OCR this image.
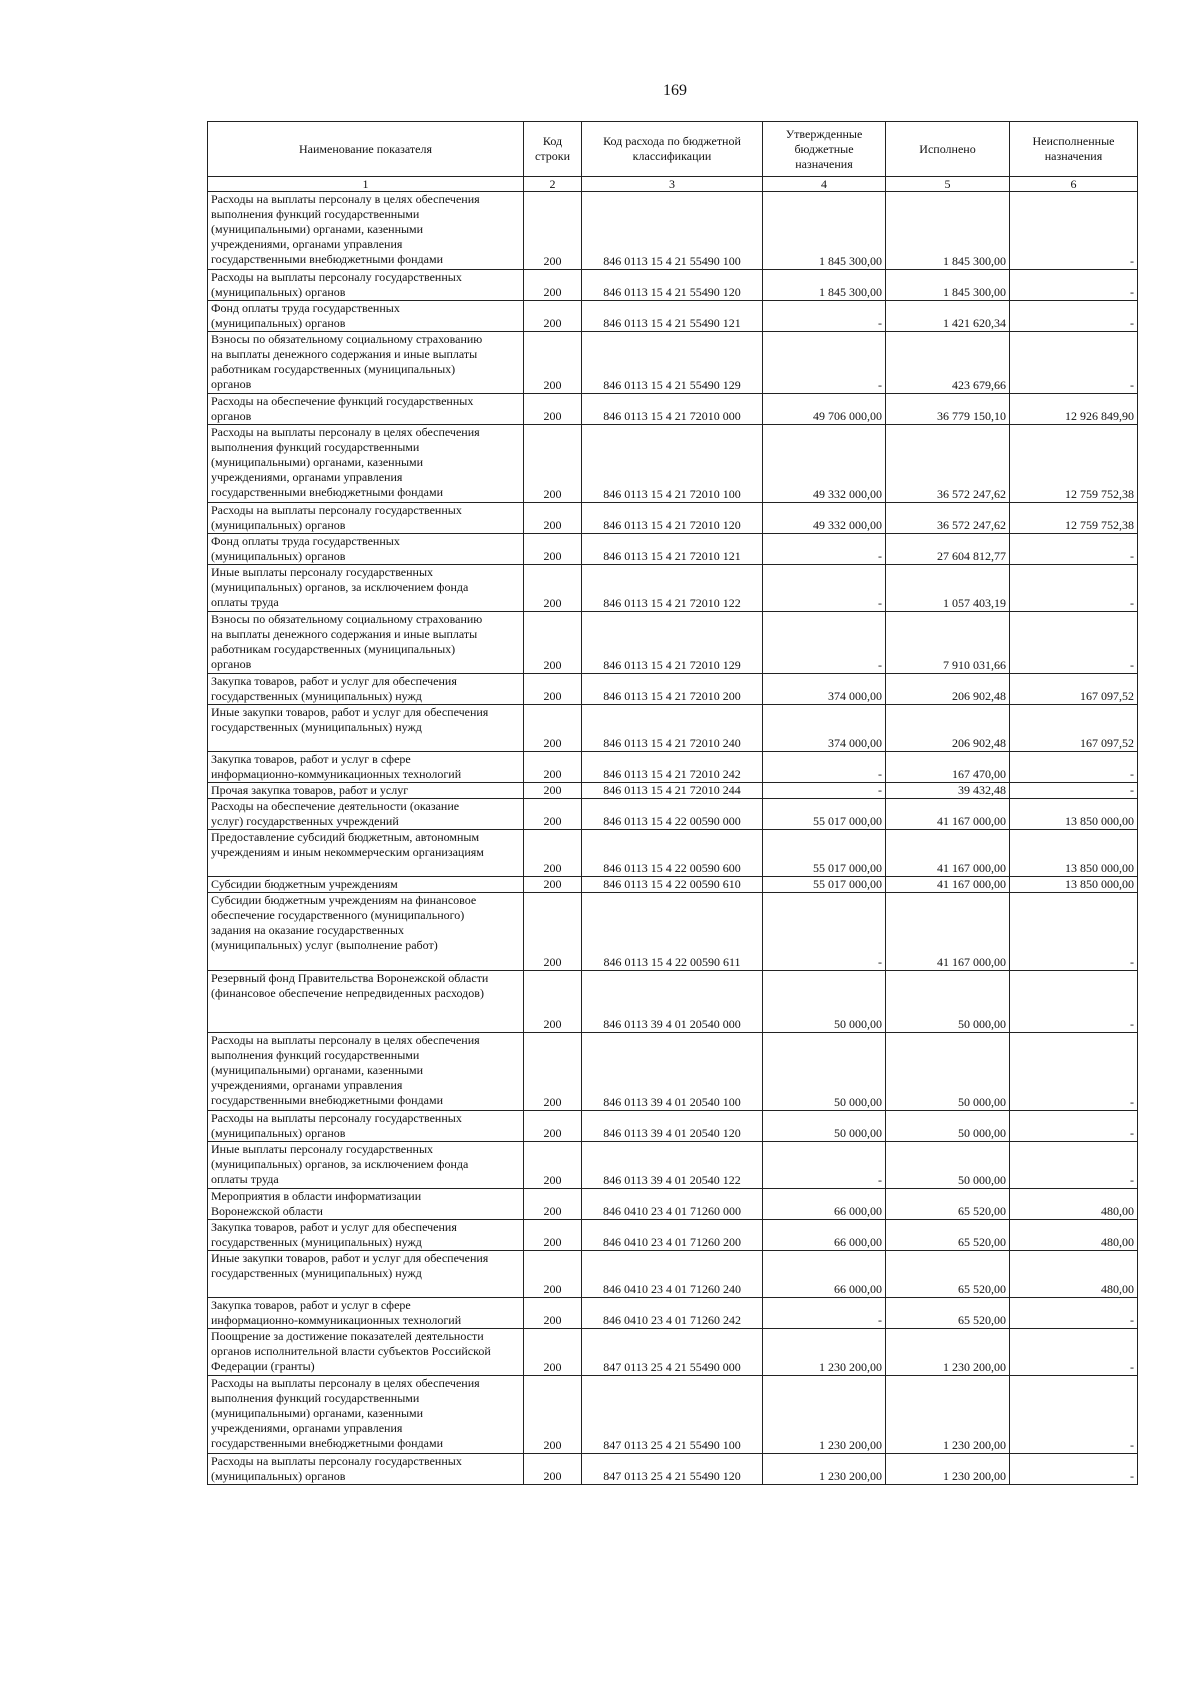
169
Наименование показателя	Код строки	Код расхода по бюджетной классификации	Утвержденные бюджетные назначения	Исполнено	Неисполненные назначения
1	2	3	4	5	6
Расходы на выплаты персоналу в целях обеспечения
выполнения функций государственными
(муниципальными) органами, казенными
учреждениями, органами управления
государственными внебюджетными фондами	200	846 0113 15 4 21 55490 100	1 845 300,00	1 845 300,00	-
Расходы на выплаты персоналу государственных
(муниципальных) органов	200	846 0113 15 4 21 55490 120	1 845 300,00	1 845 300,00	-
Фонд оплаты труда государственных
(муниципальных) органов	200	846 0113 15 4 21 55490 121	-	1 421 620,34	-
Взносы по обязательному социальному страхованию
на выплаты денежного содержания и иные выплаты
работникам государственных (муниципальных)
органов	200	846 0113 15 4 21 55490 129	-	423 679,66	-
Расходы на обеспечение функций государственных
органов	200	846 0113 15 4 21 72010 000	49 706 000,00	36 779 150,10	12 926 849,90
Расходы на выплаты персоналу в целях обеспечения
выполнения функций государственными
(муниципальными) органами, казенными
учреждениями, органами управления
государственными внебюджетными фондами	200	846 0113 15 4 21 72010 100	49 332 000,00	36 572 247,62	12 759 752,38
Расходы на выплаты персоналу государственных
(муниципальных) органов	200	846 0113 15 4 21 72010 120	49 332 000,00	36 572 247,62	12 759 752,38
Фонд оплаты труда государственных
(муниципальных) органов	200	846 0113 15 4 21 72010 121	-	27 604 812,77	-
Иные выплаты персоналу государственных
(муниципальных) органов, за исключением фонда
оплаты труда	200	846 0113 15 4 21 72010 122	-	1 057 403,19	-
Взносы по обязательному социальному страхованию
на выплаты денежного содержания и иные выплаты
работникам государственных (муниципальных)
органов	200	846 0113 15 4 21 72010 129	-	7 910 031,66	-
Закупка товаров, работ и услуг для обеспечения
государственных (муниципальных) нужд	200	846 0113 15 4 21 72010 200	374 000,00	206 902,48	167 097,52
Иные закупки товаров, работ и услуг для обеспечения
государственных (муниципальных) нужд	200	846 0113 15 4 21 72010 240	374 000,00	206 902,48	167 097,52
Закупка товаров, работ и услуг в сфере
информационно-коммуникационных технологий	200	846 0113 15 4 21 72010 242	-	167 470,00	-
Прочая закупка товаров, работ и услуг	200	846 0113 15 4 21 72010 244	-	39 432,48	-
Расходы на обеспечение деятельности (оказание
услуг) государственных учреждений	200	846 0113 15 4 22 00590 000	55 017 000,00	41 167 000,00	13 850 000,00
Предоставление субсидий бюджетным, автономным
учреждениям и иным некоммерческим организациям	200	846 0113 15 4 22 00590 600	55 017 000,00	41 167 000,00	13 850 000,00
Субсидии бюджетным учреждениям	200	846 0113 15 4 22 00590 610	55 017 000,00	41 167 000,00	13 850 000,00
Субсидии бюджетным учреждениям на финансовое
обеспечение государственного (муниципального)
задания на оказание государственных
(муниципальных) услуг (выполнение работ)	200	846 0113 15 4 22 00590 611	-	41 167 000,00	-
Резервный фонд Правительства Воронежской области
(финансовое обеспечение непредвиденных расходов)	200	846 0113 39 4 01 20540 000	50 000,00	50 000,00	-
Расходы на выплаты персоналу в целях обеспечения
выполнения функций государственными
(муниципальными) органами, казенными
учреждениями, органами управления
государственными внебюджетными фондами	200	846 0113 39 4 01 20540 100	50 000,00	50 000,00	-
Расходы на выплаты персоналу государственных
(муниципальных) органов	200	846 0113 39 4 01 20540 120	50 000,00	50 000,00	-
Иные выплаты персоналу государственных
(муниципальных) органов, за исключением фонда
оплаты труда	200	846 0113 39 4 01 20540 122	-	50 000,00	-
Мероприятия в области информатизации
Воронежской области	200	846 0410 23 4 01 71260 000	66 000,00	65 520,00	480,00
Закупка товаров, работ и услуг для обеспечения
государственных (муниципальных) нужд	200	846 0410 23 4 01 71260 200	66 000,00	65 520,00	480,00
Иные закупки товаров, работ и услуг для обеспечения
государственных (муниципальных) нужд	200	846 0410 23 4 01 71260 240	66 000,00	65 520,00	480,00
Закупка товаров, работ и услуг в сфере
информационно-коммуникационных технологий	200	846 0410 23 4 01 71260 242	-	65 520,00	-
Поощрение за достижение показателей деятельности
органов исполнительной власти субъектов Российской
Федерации (гранты)	200	847 0113 25 4 21 55490 000	1 230 200,00	1 230 200,00	-
Расходы на выплаты персоналу в целях обеспечения
выполнения функций государственными
(муниципальными) органами, казенными
учреждениями, органами управления
государственными внебюджетными фондами	200	847 0113 25 4 21 55490 100	1 230 200,00	1 230 200,00	-
Расходы на выплаты персоналу государственных
(муниципальных) органов	200	847 0113 25 4 21 55490 120	1 230 200,00	1 230 200,00	-
